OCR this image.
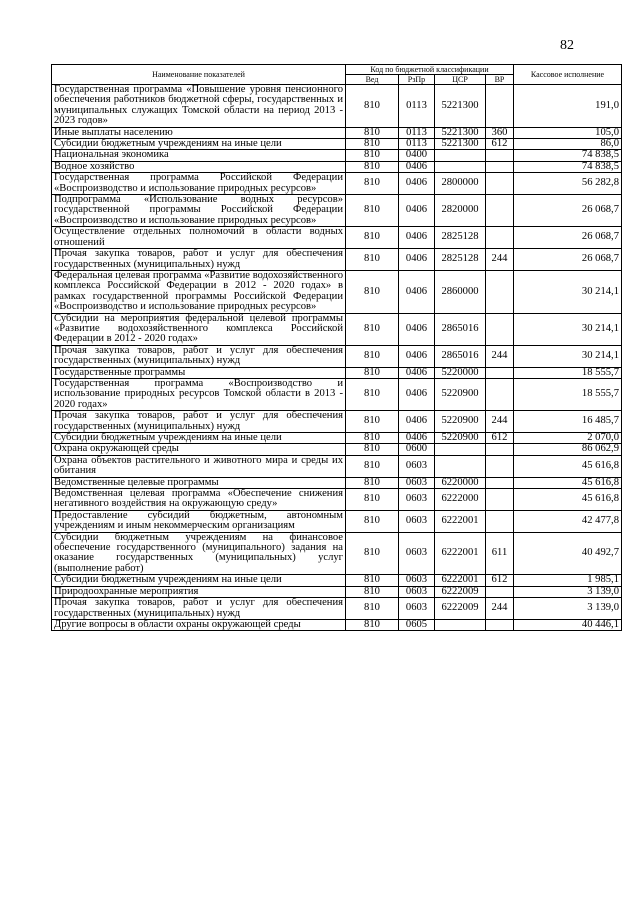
82
Наименование показателей	Код по бюджетной классификации				Кассовое исполнение
	Вед	РзПр	ЦСР	ВР	
Государственная программа «Повышение уровня пенсионного обеспечения работников бюджетной сферы, государственных и муниципальных служащих Томской области на период 2013 - 2023 годов»	810	0113	5221300		191,0
Иные выплаты населению	810	0113	5221300	360	105,0
Субсидии бюджетным учреждениям на иные цели	810	0113	5221300	612	86,0
Национальная экономика	810	0400			74 838,5
Водное хозяйство	810	0406			74 838,5
Государственная программа Российской Федерации «Воспроизводство и использование природных ресурсов»	810	0406	2800000		56 282,8
Подпрограмма «Использование водных ресурсов» государственной программы Российской Федерации «Воспроизводство и использование природных ресурсов»	810	0406	2820000		26 068,7
Осуществление отдельных полномочий в области водных отношений	810	0406	2825128		26 068,7
Прочая закупка товаров, работ и услуг для обеспечения государственных (муниципальных) нужд	810	0406	2825128	244	26 068,7
Федеральная целевая программа «Развитие водохозяйственного комплекса Российской Федерации в 2012 - 2020 годах» в рамках государственной программы Российской Федерации «Воспроизводство и использование природных ресурсов»	810	0406	2860000		30 214,1
Субсидии на мероприятия федеральной целевой программы «Развитие водохозяйственного комплекса Российской Федерации в 2012 - 2020 годах»	810	0406	2865016		30 214,1
Прочая закупка товаров, работ и услуг для обеспечения государственных (муниципальных) нужд	810	0406	2865016	244	30 214,1
Государственные программы	810	0406	5220000		18 555,7
Государственная программа «Воспроизводство и использование природных ресурсов Томской области в 2013 - 2020 годах»	810	0406	5220900		18 555,7
Прочая закупка товаров, работ и услуг для обеспечения государственных (муниципальных) нужд	810	0406	5220900	244	16 485,7
Субсидии бюджетным учреждениям на иные цели	810	0406	5220900	612	2 070,0
Охрана окружающей среды	810	0600			86 062,9
Охрана объектов растительного и животного мира и среды их обитания	810	0603			45 616,8
Ведомственные целевые программы	810	0603	6220000		45 616,8
Ведомственная целевая программа «Обеспечение снижения негативного воздействия на окружающую среду»	810	0603	6222000		45 616,8
Предоставление субсидий бюджетным, автономным учреждениям и иным некоммерческим организациям	810	0603	6222001		42 477,8
Субсидии бюджетным учреждениям на финансовое обеспечение государственного (муниципального) задания на оказание государственных (муниципальных) услуг (выполнение работ)	810	0603	6222001	611	40 492,7
Субсидии бюджетным учреждениям на иные цели	810	0603	6222001	612	1 985,1
Природоохранные мероприятия	810	0603	6222009		3 139,0
Прочая закупка товаров, работ и услуг для обеспечения государственных (муниципальных) нужд	810	0603	6222009	244	3 139,0
Другие вопросы в области охраны окружающей среды	810	0605			40 446,1
